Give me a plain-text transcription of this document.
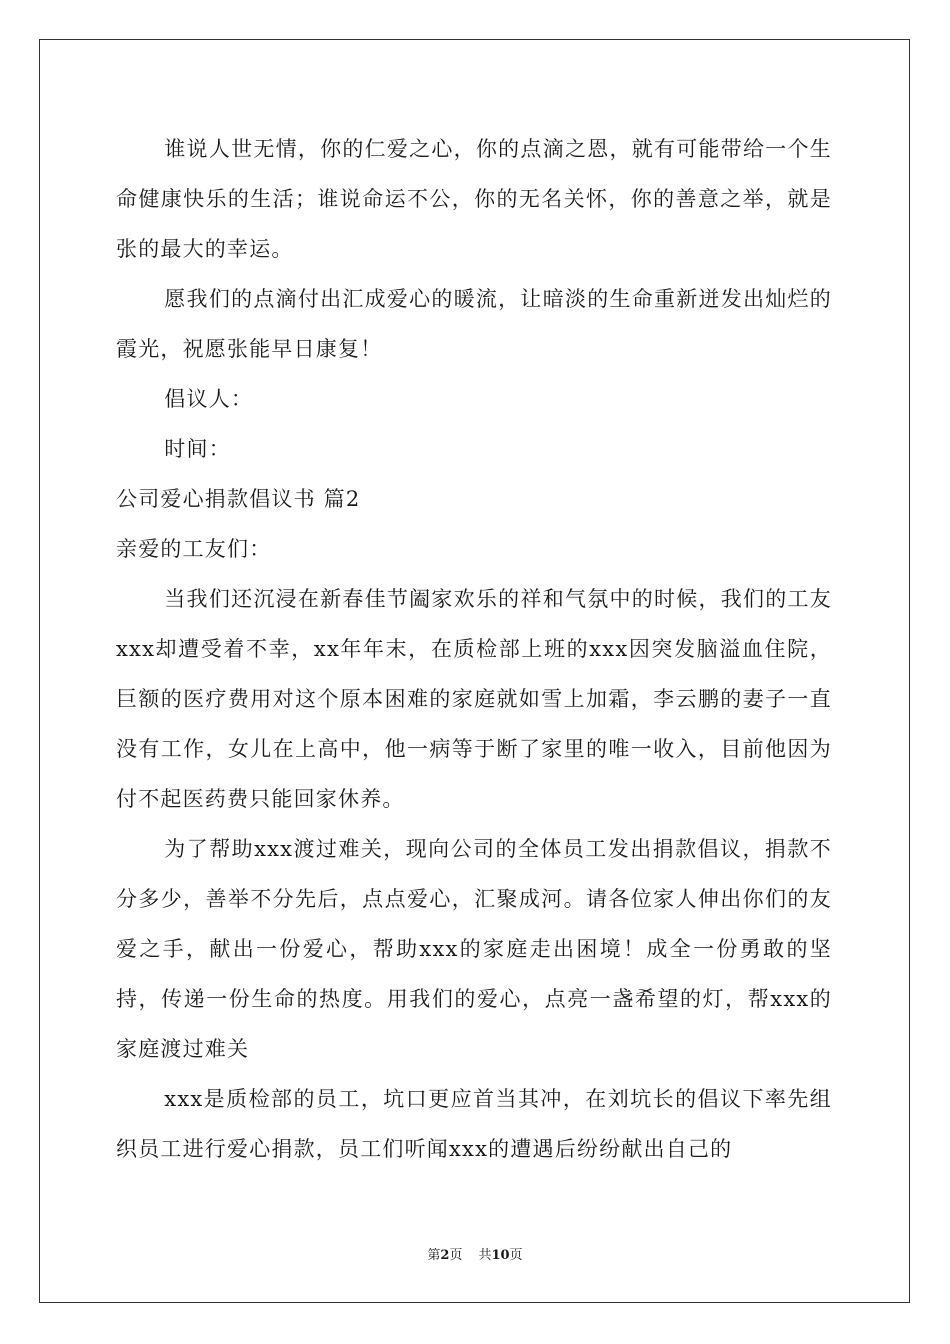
谁说人世无情，你的仁爱之心，你的点滴之恩，就有可能带给一个生命健康快乐的生活；谁说命运不公，你的无名关怀，你的善意之举，就是张的最大的幸运。

愿我们的点滴付出汇成爱心的暖流，让暗淡的生命重新迸发出灿烂的霞光，祝愿张能早日康复！

倡议人：

时间：

公司爱心捐款倡议书 篇2

亲爱的工友们：

当我们还沉浸在新春佳节阖家欢乐的祥和气氛中的时候，我们的工友xxx却遭受着不幸，xx年年末，在质检部上班的xxx因突发脑溢血住院，巨额的医疗费用对这个原本困难的家庭就如雪上加霜，李云鹏的妻子一直没有工作，女儿在上高中，他一病等于断了家里的唯一收入，目前他因为付不起医药费只能回家休养。

为了帮助xxx渡过难关，现向公司的全体员工发出捐款倡议，捐款不分多少，善举不分先后，点点爱心，汇聚成河。请各位家人伸出你们的友爱之手，献出一份爱心，帮助xxx的家庭走出困境！成全一份勇敢的坚持，传递一份生命的热度。用我们的爱心，点亮一盏希望的灯，帮xxx的家庭渡过难关

xxx是质检部的员工，坑口更应首当其冲，在刘坑长的倡议下率先组织员工进行爱心捐款，员工们听闻xxx的遭遇后纷纷献出自己的

第2页 共10页
